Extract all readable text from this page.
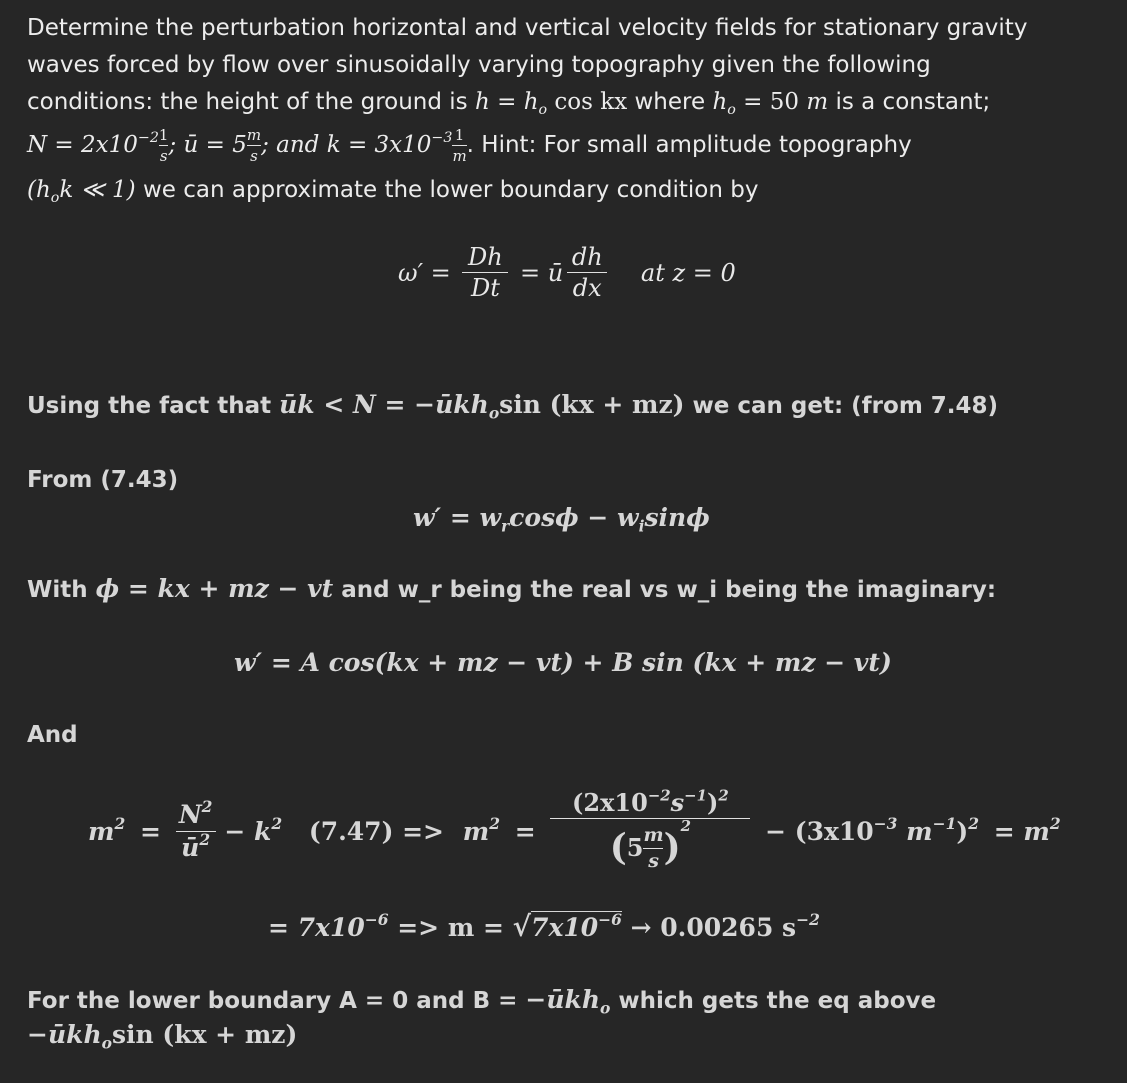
Determine the perturbation horizontal and vertical velocity fields for stationary gravity
waves forced by flow over sinusoidally varying topography given the following
conditions: the height of the ground is $h = h_o$ cos kx where $h_o = 50$ m is a constant;
$N = 2x10^{-2} \frac{1}{s}$ ; ū = $5 \frac{m}{s}$ ; and $k = 3x10^{-3} \frac{1}{m}$ . Hint: For small amplitude topography
($h_ok$ ≪ 1) we can approximate the lower boundary condition by
$\omega' = \frac{Dh}{Dt}$ = ū $\frac{dh}{dx}$ at z = 0
Using the fact that ūk < N = −ūkh$_o$sin (kx + mz) we can get: (from 7.48)
From (7.43)
$w' = w_r\cos\phi - w_i\sin\phi$
With ϕ = kx + mz − vt and w_r being the real vs w_i being the imaginary:
w′ = A cos(kx + mz − vt) + B sin (kx + mz − vt)
And
$m^2 = \frac{N^2}{ū^2} - k^2$ $(7.47) => m^2 = \frac{(2x10^{-2}s^{-1})^2}{(5 \frac{m}{s} )^2} - (3x10^{-3}$ $m^{-1})^2 = m^2$
= $7x10^{-6} => m = √7x10^{-6} \to 0.00265$ $s^{-2}$
For the lower boundary A = 0 and B = −ūkh$_o$ which gets the eq above
−ūkh$_o$sin (kx + mz)
